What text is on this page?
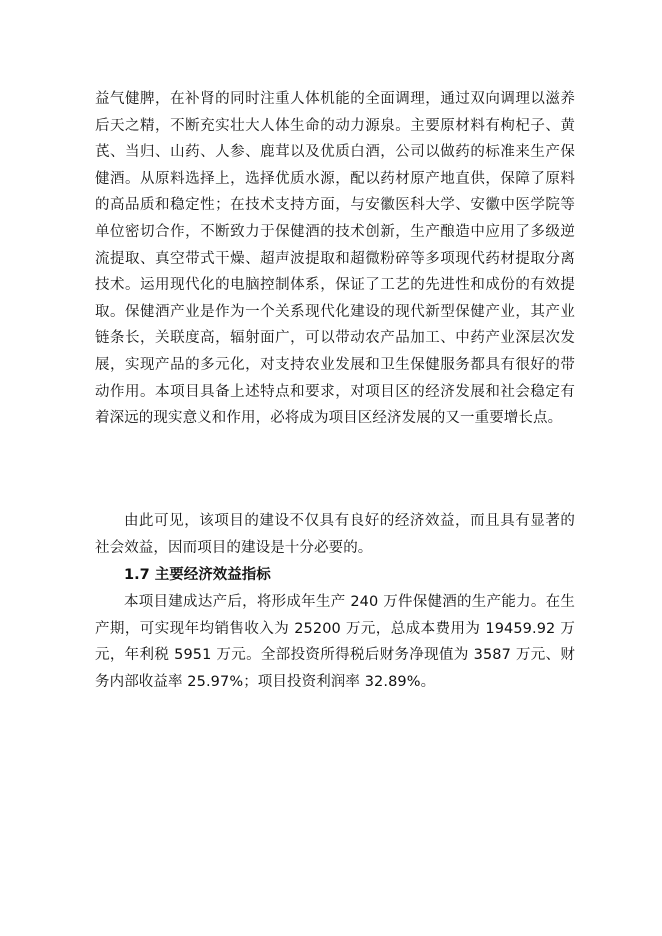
益气健脾，在补肾的同时注重人体机能的全面调理，通过双向调理以滋养后天之精，不断充实壮大人体生命的动力源泉。主要原材料有枸杞子、黄芪、当归、山药、人参、鹿茸以及优质白酒，公司以做药的标准来生产保健酒。从原料选择上，选择优质水源，配以药材原产地直供，保障了原料的高品质和稳定性；在技术支持方面，与安徽医科大学、安徽中医学院等单位密切合作，不断致力于保健酒的技术创新，生产酿造中应用了多级逆流提取、真空带式干燥、超声波提取和超微粉碎等多项现代药材提取分离技术。运用现代化的电脑控制体系，保证了工艺的先进性和成份的有效提取。保健酒产业是作为一个关系现代化建设的现代新型保健产业，其产业链条长，关联度高，辐射面广，可以带动农产品加工、中药产业深层次发展，实现产品的多元化，对支持农业发展和卫生保健服务都具有很好的带动作用。本项目具备上述特点和要求，对项目区的经济发展和社会稳定有着深远的现实意义和作用，必将成为项目区经济发展的又一重要增长点。
由此可见，该项目的建设不仅具有良好的经济效益，而且具有显著的社会效益，因而项目的建设是十分必要的。
1.7 主要经济效益指标
本项目建成达产后，将形成年生产 240 万件保健酒的生产能力。在生产期，可实现年均销售收入为 25200 万元，总成本费用为 19459.92 万元，年利税 5951 万元。全部投资所得税后财务净现值为 3587 万元、财务内部收益率 25.97%；项目投资利润率 32.89%。
